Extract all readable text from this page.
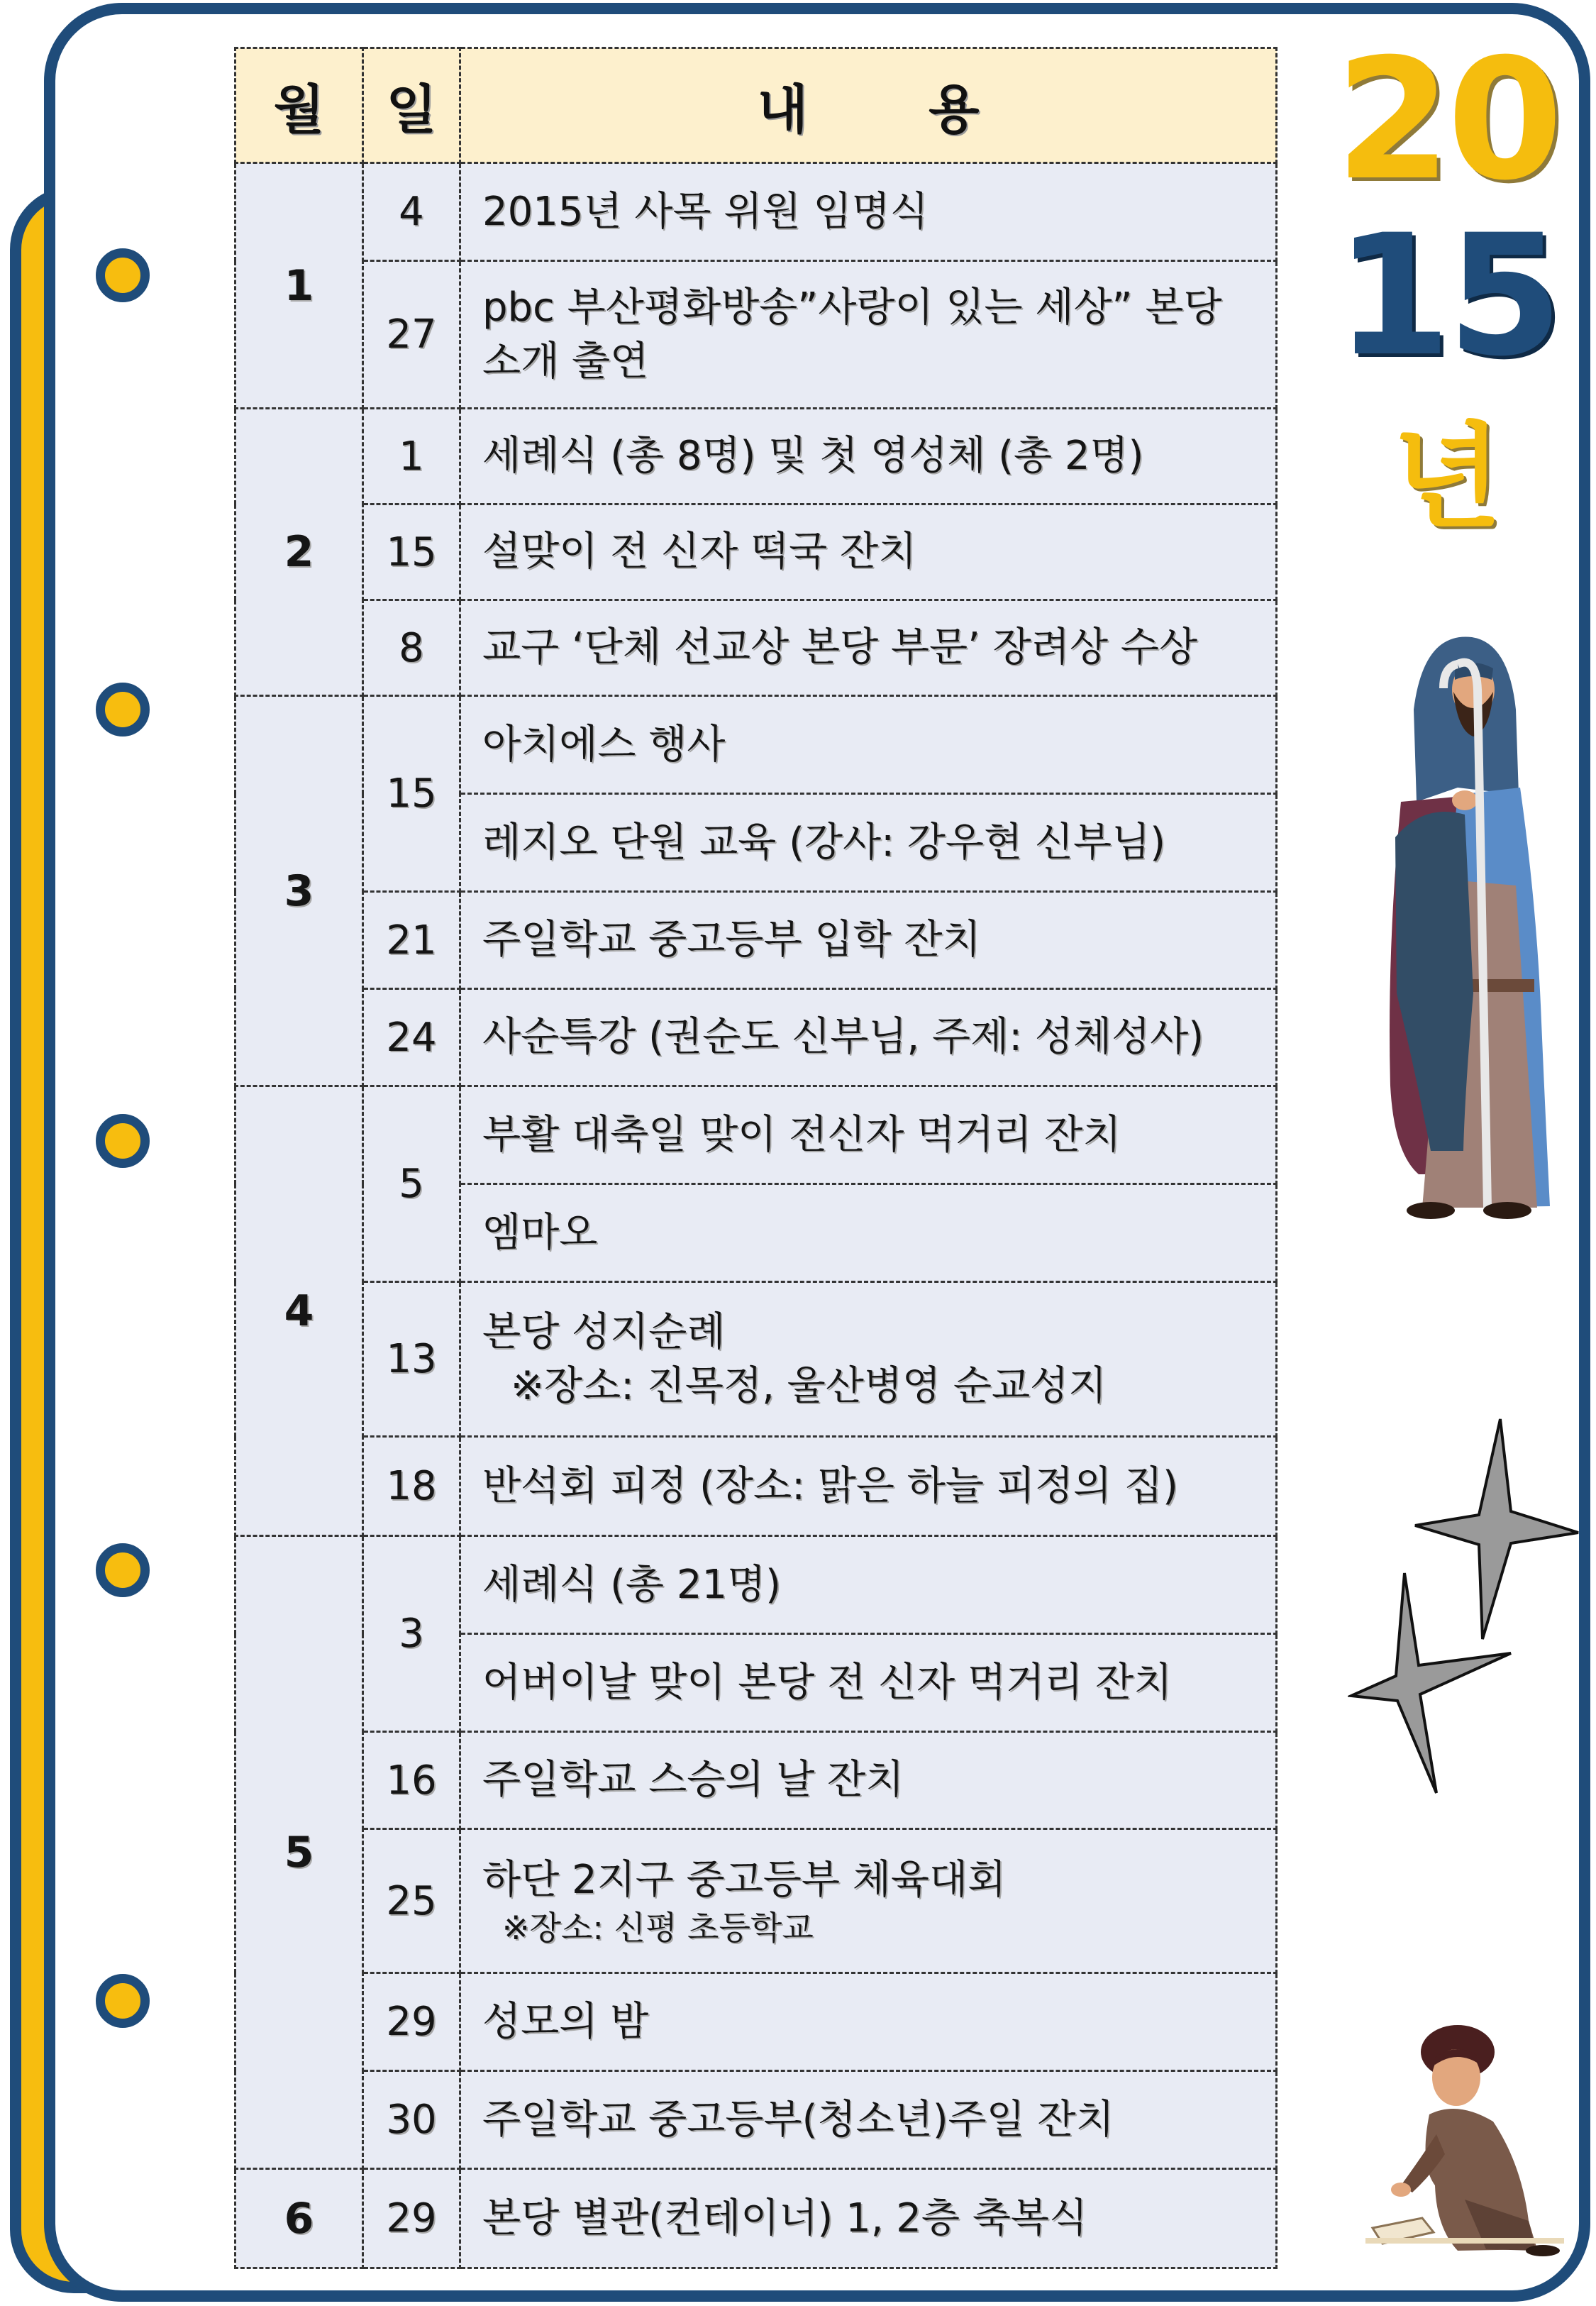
20
15
년
월	일	내 용
1	4	2015년 사목 위원 임명식

	27	pbc 부산평화방송”사랑이 있는 세상” 본당
소개 출연

2	1	세례식 (총 8명) 및 첫 영성체 (총 2명)

	15	설맞이 전 신자 떡국 잔치

	8	교구 ‘단체 선교상 본당 부문’ 장려상 수상

3	15	아치에스 행사

		레지오 단원 교육 (강사: 강우현 신부님)

	21	주일학교 중고등부 입학 잔치

	24	사순특강 (권순도 신부님, 주제: 성체성사)

4	5	부활 대축일 맞이 전신자 먹거리 잔치

		엠마오

	13	본당 성지순례
※장소: 진목정, 울산병영 순교성지

	18	반석회 피정 (장소: 맑은 하늘 피정의 집)

5	3	세례식 (총 21명)

		어버이날 맞이 본당 전 신자 먹거리 잔치

	16	주일학교 스승의 날 잔치

	25	하단 2지구 중고등부 체육대회
※장소: 신평 초등학교

	29	성모의 밤

	30	주일학교 중고등부(청소년)주일 잔치

6	29	본당 별관(컨테이너) 1, 2층 축복식
